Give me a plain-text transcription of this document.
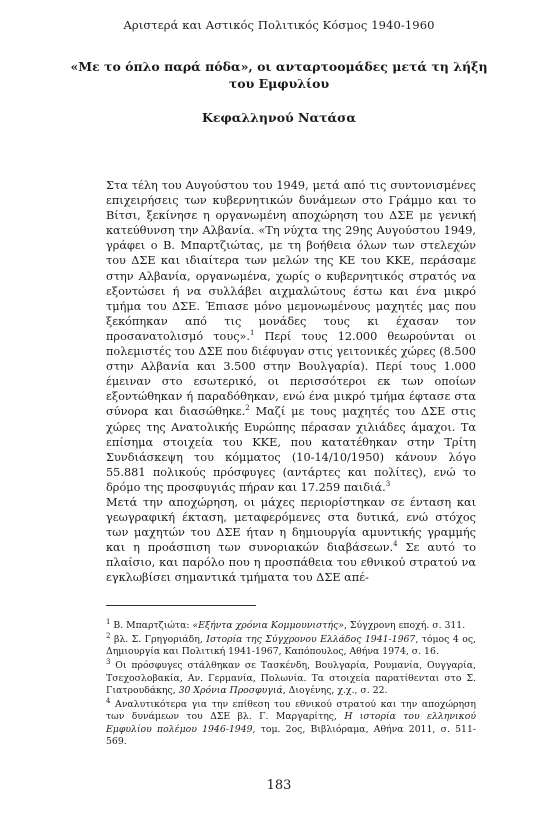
Αριστερά και Αστικός Πολιτικός Κόσμος 1940-1960
«Με το όπλο παρά πόδα», οι ανταρτοομάδες μετά τη λήξη του Εμφυλίου
Κεφαλληνού Νατάσα

Στα τέλη του Αυγούστου του 1949, μετά από τις συντονισμένες επιχειρήσεις των κυβερνητικών δυνάμεων στο Γράμμο και το Βίτσι, ξεκίνησε η οργανωμένη αποχώρηση του ΔΣΕ με γενική κατεύθυνση την Αλβανία. «Τη νύχτα της 29ης Αυγούστου 1949, γράφει ο Β. Μπαρτζιώτας, με τη βοήθεια όλων των στελεχών του ΔΣΕ και ιδιαίτερα των μελών της ΚΕ του ΚΚΕ, περάσαμε στην Αλβανία, οργανωμένα, χωρίς ο κυβερνητικός στρατός να εξοντώσει ή να συλλάβει αιχμαλώτους έστω και ένα μικρό τμήμα του ΔΣΕ. Έπιασε μόνο μεμονωμένους μαχητές μας που ξεκόπηκαν από τις μονάδες τους κι έχασαν τον προσανατολισμό τους».$^1$ Περί τους 12.000 θεωρούνται οι πολεμιστές του ΔΣΕ που διέφυγαν στις γειτονικές χώρες (8.500 στην Αλβανία και 3.500 στην Βουλγαρία). Περί τους 1.000 έμειναν στο εσωτερικό, οι περισσότεροι εκ των οποίων εξοντώθηκαν ή παραδόθηκαν, ενώ ένα μικρό τμήμα έφτασε στα σύνορα και διασώθηκε.$^2$ Μαζί με τους μαχητές του ΔΣΕ στις χώρες της Ανατολικής Ευρώπης πέρασαν χιλιάδες άμαχοι. Τα επίσημα στοιχεία του ΚΚΕ, που κατατέθηκαν στην Τρίτη Συνδιάσκεψη του κόμματος (10-14/10/1950) κάνουν λόγο 55.881 πολικούς πρόσφυγες (αντάρτες και πολίτες), ενώ το δρόμο της προσφυγιάς πήραν και 17.259 παιδιά.$^3$

Μετά την αποχώρηση, οι μάχες περιορίστηκαν σε ένταση και γεωγραφική έκταση, μεταφερόμενες στα δυτικά, ενώ στόχος των μαχητών του ΔΣΕ ήταν η δημιουργία αμυντικής γραμμής και η προάσπιση των συνοριακών διαβάσεων.$^4$ Σε αυτό το πλαίσιο, και παρόλο που η προσπάθεια του εθνικού στρατού να εγκλωβίσει σημαντικά τμήματα του ΔΣΕ απέ-

$^1$ Β. Μπαρτζιώτα: «Εξήντα χρόνια Κομμουνιστής», Σύγχρονη εποχή. σ. 311.

$^2$ βλ. Σ. Γρηγοριάδη, Ιστορία της Σύγχρονου Ελλάδος 1941-1967, τόμος 4 ος, Δημιουργία και Πολιτική 1941-1967, Καπόπουλος, Αθήνα 1974, σ. 16.

$^3$ Οι πρόσφυγες στάλθηκαν σε Τασκένδη, Βουλγαρία, Ρουμανία, Ουγγαρία, Τσεχοσλοβακία, Αν. Γερμανία, Πολωνία. Τα στοιχεία παρατίθενται στο Σ. Γιατρουδάκης, 30 Χρόνια Προσφυγιά, Διογένης, χ.χ., σ. 22.

$^4$ Αναλυτικότερα για την επίθεση του εθνικού στρατού και την αποχώρηση των δυνάμεων του ΔΣΕ βλ. Γ. Μαργαρίτης, Η ιστορία του ελληνικού Εμφυλίου πολέμου 1946-1949, τομ. 2ος, Βιβλιόραμα, Αθήνα 2011, σ. 511-569.

183
